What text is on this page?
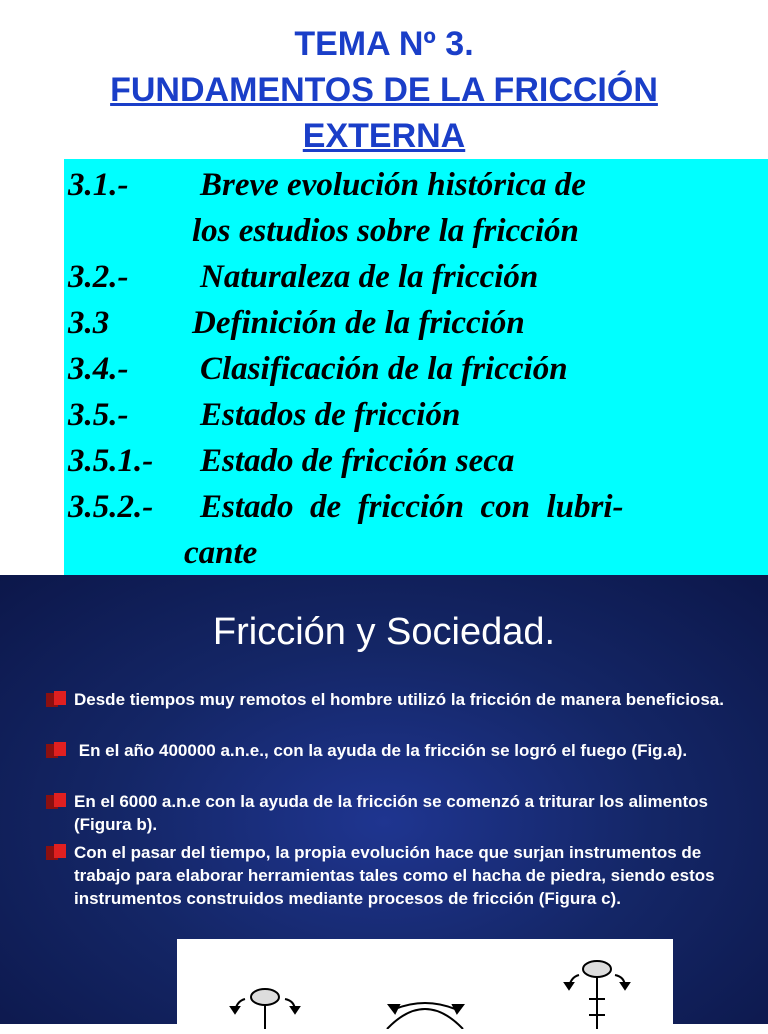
TEMA Nº 3.
FUNDAMENTOS DE LA FRICCIÓN
EXTERNA
3.1.- Breve evolución histórica de
los estudios sobre la fricción
3.2.- Naturaleza de la fricción
3.3	Definición de la fricción
3.4.- Clasificación de la fricción
3.5.- Estados de fricción
3.5.1.- Estado de fricción seca
3.5.2.- Estado  de  fricción  con  lubri-
cante
Fricción y Sociedad.
Desde tiempos muy remotos el hombre utilizó la fricción de manera beneficiosa.
En el año 400000 a.n.e., con la ayuda de la fricción se logró el fuego (Fig.a).
En el 6000 a.n.e con la ayuda de la fricción se comenzó a triturar los alimentos (Figura b).
Con el pasar del tiempo, la propia evolución hace que surjan instrumentos de trabajo para elaborar herramientas tales como el hacha de piedra, siendo estos instrumentos construidos mediante procesos de fricción (Figura c).
